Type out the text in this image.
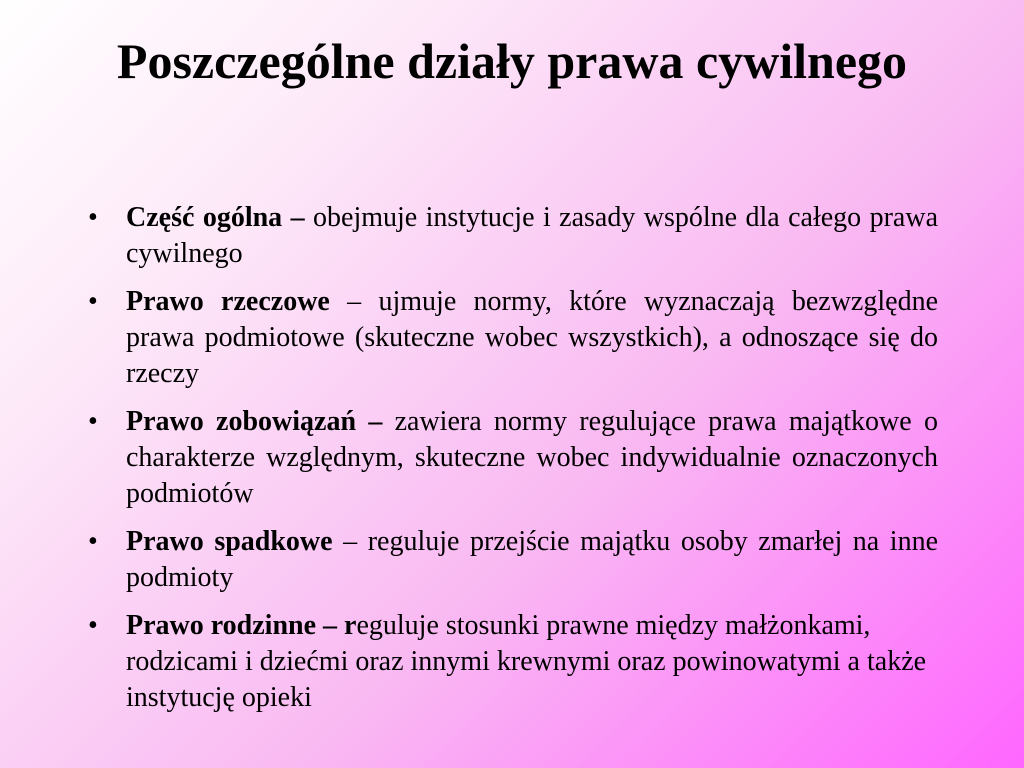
Poszczególne działy prawa cywilnego
•	Część ogólna – obejmuje instytucje i zasady wspólne dla całego prawa cywilnego
•	Prawo rzeczowe – ujmuje normy, które wyznaczają bezwzględne prawa podmiotowe (skuteczne wobec wszystkich), a odnoszące się do rzeczy
•	Prawo zobowiązań – zawiera normy regulujące prawa majątkowe o charakterze względnym, skuteczne wobec indywidualnie oznaczonych podmiotów
•	Prawo spadkowe – reguluje przejście majątku osoby zmarłej na inne podmioty
•	Prawo rodzinne – reguluje stosunki prawne między małżonkami, rodzicami i dziećmi oraz innymi krewnymi oraz powinowatymi a także instytucję opieki
